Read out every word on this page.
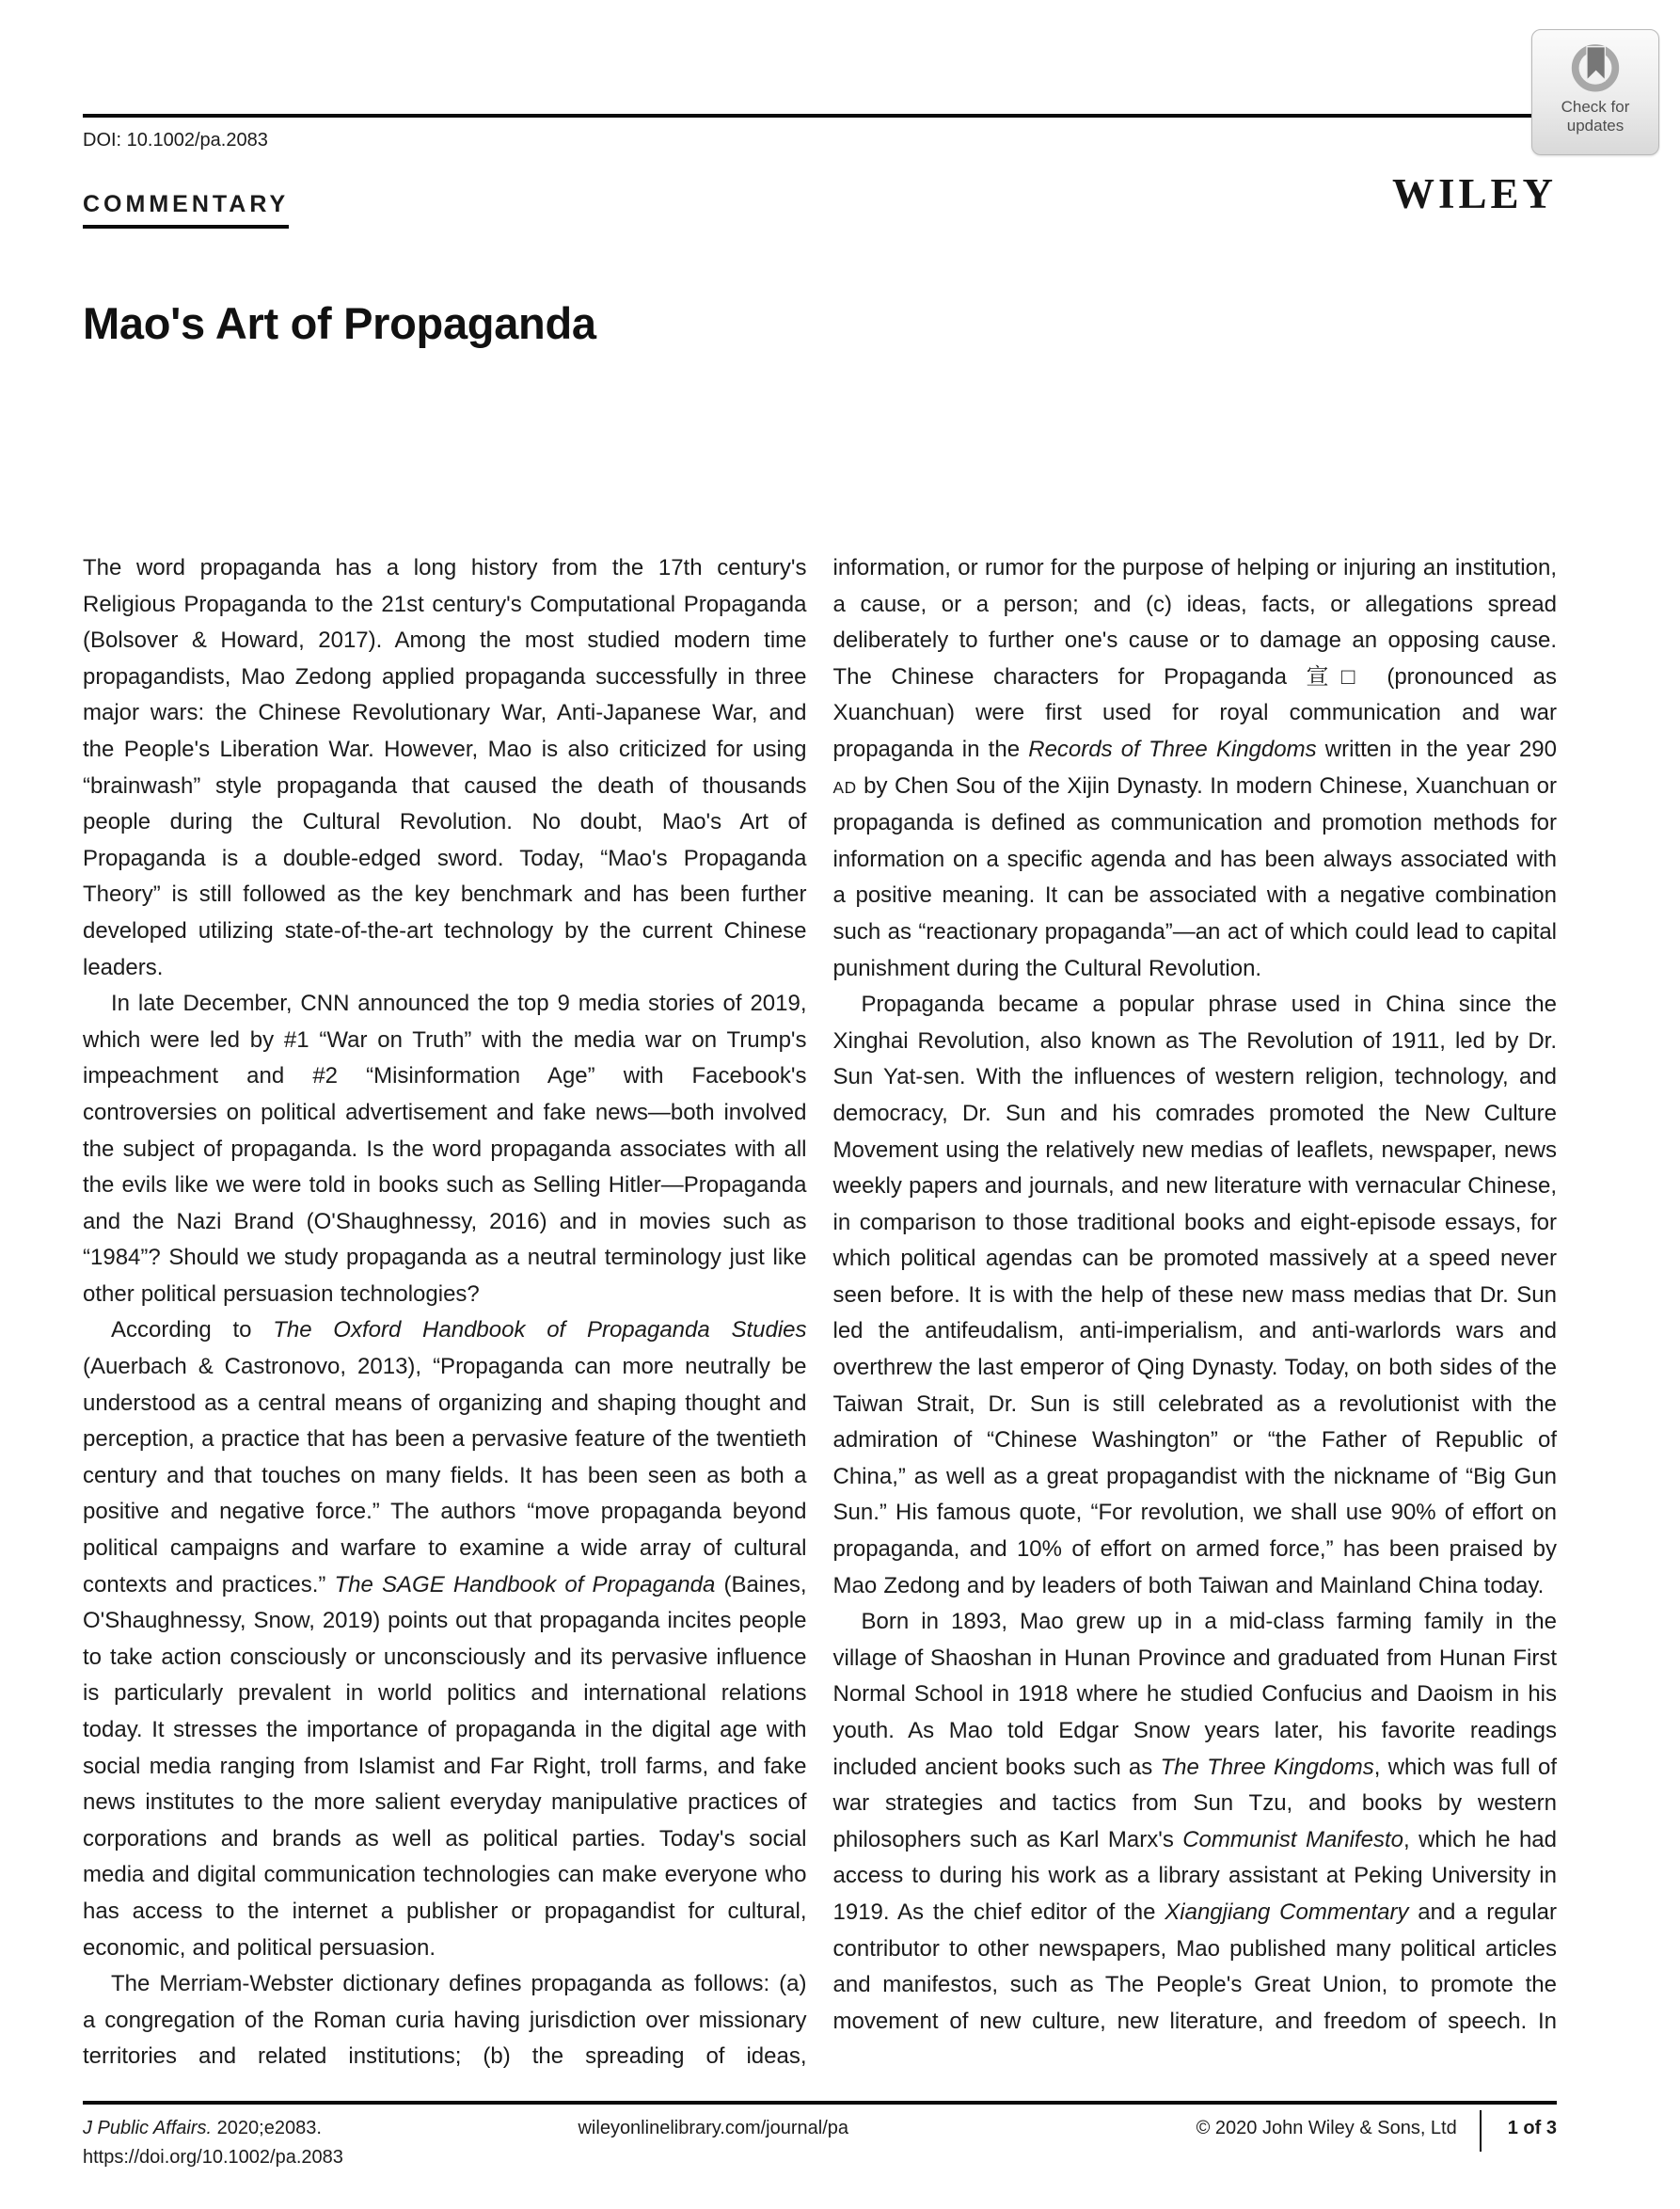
DOI: 10.1002/pa.2083
Check for
updates
WILEY
COMMENTARY
Mao's Art of Propaganda

The word propaganda has a long history from the 17th century's Religious Propaganda to the 21st century's Computational Propaganda (Bolsover & Howard, 2017). Among the most studied modern time propagandists, Mao Zedong applied propaganda successfully in three major wars: the Chinese Revolutionary War, Anti-Japanese War, and the People's Liberation War. However, Mao is also criticized for using “brainwash” style propaganda that caused the death of thousands people during the Cultural Revolution. No doubt, Mao's Art of Propaganda is a double-edged sword. Today, “Mao's Propaganda Theory” is still followed as the key benchmark and has been further developed utilizing state-of-the-art technology by the current Chinese leaders.

In late December, CNN announced the top 9 media stories of 2019, which were led by #1 “War on Truth” with the media war on Trump's impeachment and #2 “Misinformation Age” with Facebook's controversies on political advertisement and fake news—both involved the subject of propaganda. Is the word propaganda associates with all the evils like we were told in books such as Selling Hitler—Propaganda and the Nazi Brand (O'Shaughnessy, 2016) and in movies such as “1984”? Should we study propaganda as a neutral terminology just like other political persuasion technologies?

According to The Oxford Handbook of Propaganda Studies (Auerbach & Castronovo, 2013), “Propaganda can more neutrally be understood as a central means of organizing and shaping thought and perception, a practice that has been a pervasive feature of the twentieth century and that touches on many fields. It has been seen as both a positive and negative force.” The authors “move propaganda beyond political campaigns and warfare to examine a wide array of cultural contexts and practices.” The SAGE Handbook of Propaganda (Baines, O'Shaughnessy, Snow, 2019) points out that propaganda incites people to take action consciously or unconsciously and its pervasive influence is particularly prevalent in world politics and international relations today. It stresses the importance of propaganda in the digital age with social media ranging from Islamist and Far Right, troll farms, and fake news institutes to the more salient everyday manipulative practices of corporations and brands as well as political parties. Today's social media and digital communication technologies can make everyone who has access to the internet a publisher or propagandist for cultural, economic, and political persuasion.

The Merriam-Webster dictionary defines propaganda as follows: (a) a congregation of the Roman curia having jurisdiction over missionary territories and related institutions; (b) the spreading of ideas,

information, or rumor for the purpose of helping or injuring an institution, a cause, or a person; and (c) ideas, facts, or allegations spread deliberately to further one's cause or to damage an opposing cause. The Chinese characters for Propaganda 宣□ (pronounced as Xuanchuan) were first used for royal communication and war propaganda in the Records of Three Kingdoms written in the year 290 AD by Chen Sou of the Xijin Dynasty. In modern Chinese, Xuanchuan or propaganda is defined as communication and promotion methods for information on a specific agenda and has been always associated with a positive meaning. It can be associated with a negative combination such as “reactionary propaganda”—an act of which could lead to capital punishment during the Cultural Revolution.

Propaganda became a popular phrase used in China since the Xinghai Revolution, also known as The Revolution of 1911, led by Dr. Sun Yat-sen. With the influences of western religion, technology, and democracy, Dr. Sun and his comrades promoted the New Culture Movement using the relatively new medias of leaflets, newspaper, news weekly papers and journals, and new literature with vernacular Chinese, in comparison to those traditional books and eight-episode essays, for which political agendas can be promoted massively at a speed never seen before. It is with the help of these new mass medias that Dr. Sun led the antifeudalism, anti-imperialism, and anti-warlords wars and overthrew the last emperor of Qing Dynasty. Today, on both sides of the Taiwan Strait, Dr. Sun is still celebrated as a revolutionist with the admiration of “Chinese Washington” or “the Father of Republic of China,” as well as a great propagandist with the nickname of “Big Gun Sun.” His famous quote, “For revolution, we shall use 90% of effort on propaganda, and 10% of effort on armed force,” has been praised by Mao Zedong and by leaders of both Taiwan and Mainland China today.

Born in 1893, Mao grew up in a mid-class farming family in the village of Shaoshan in Hunan Province and graduated from Hunan First Normal School in 1918 where he studied Confucius and Daoism in his youth. As Mao told Edgar Snow years later, his favorite readings included ancient books such as The Three Kingdoms, which was full of war strategies and tactics from Sun Tzu, and books by western philosophers such as Karl Marx's Communist Manifesto, which he had access to during his work as a library assistant at Peking University in 1919. As the chief editor of the Xiangjiang Commentary and a regular contributor to other newspapers, Mao published many political articles and manifestos, such as The People's Great Union, to promote the movement of new culture, new literature, and freedom of speech. In

J Public Affairs. 2020;e2083.
https://doi.org/10.1002/pa.2083
wileyonlinelibrary.com/journal/pa	© 2020 John Wiley & Sons, Ltd	1 of 3
